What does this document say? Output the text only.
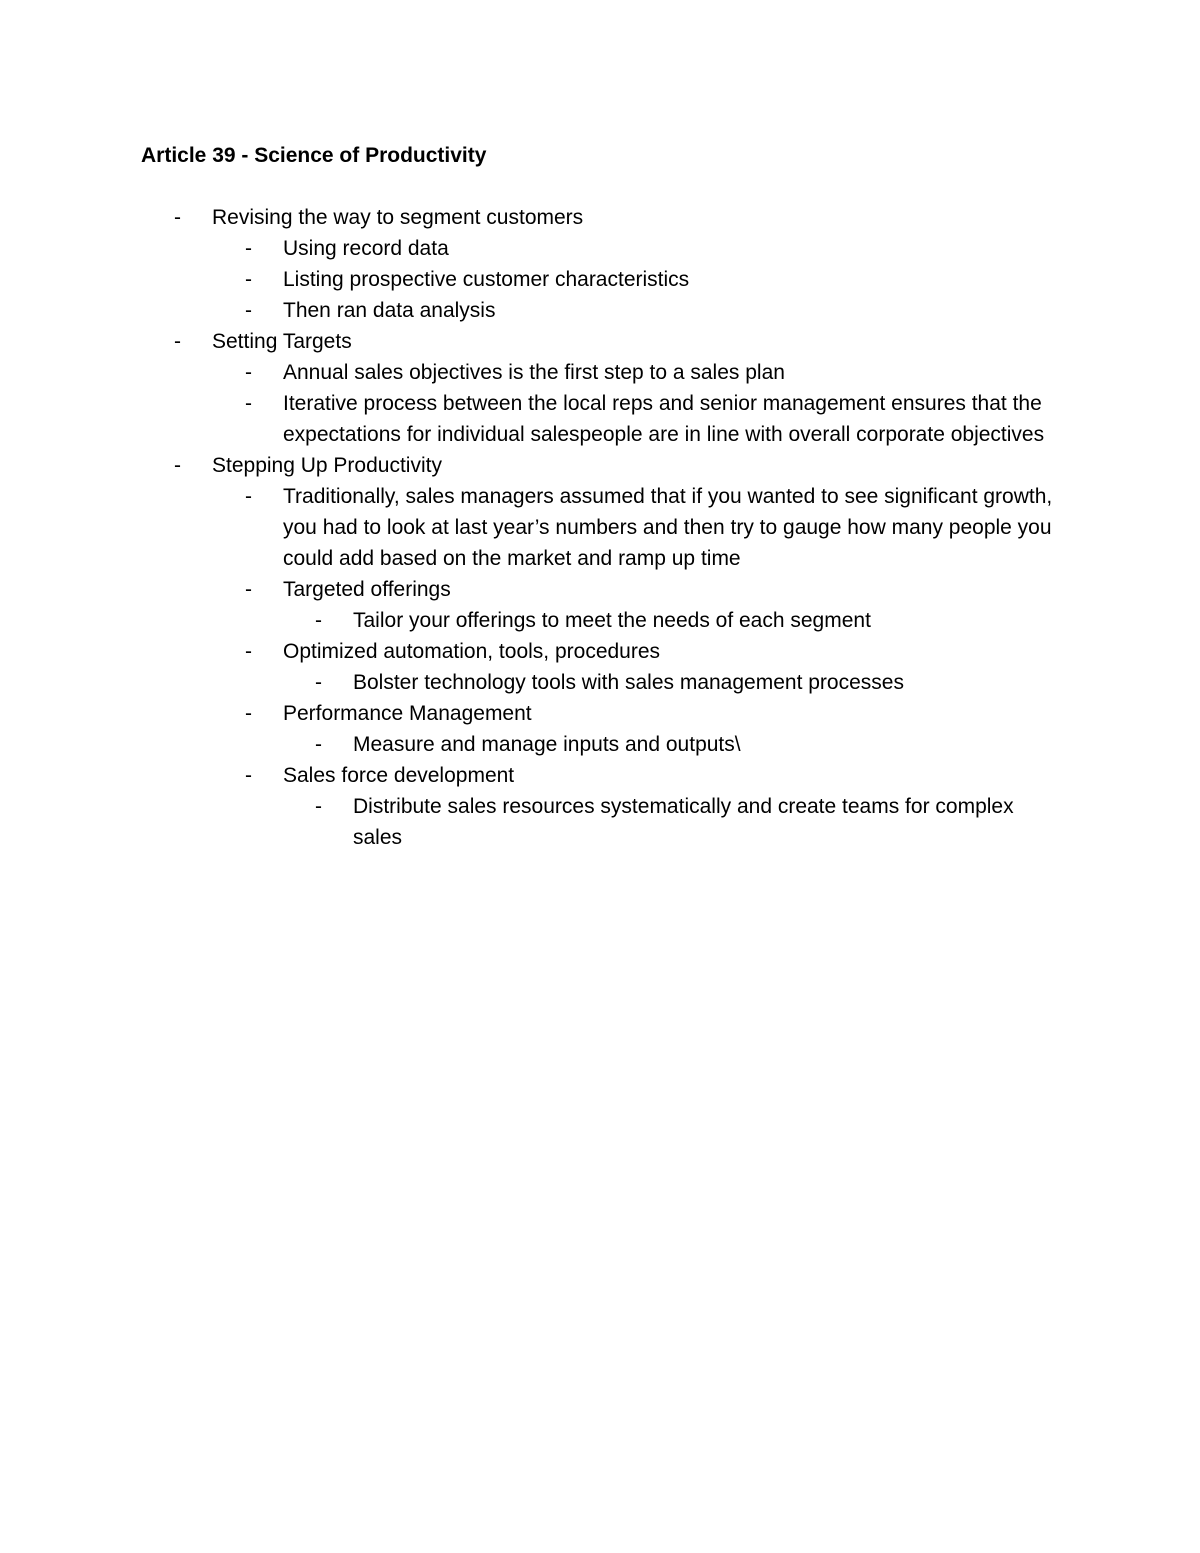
Article 39 - Science of Productivity
- Revising the way to segment customers
- Using record data
- Listing prospective customer characteristics
- Then ran data analysis
- Setting Targets
- Annual sales objectives is the first step to a sales plan
- Iterative process between the local reps and senior management ensures that the expectations for individual salespeople are in line with overall corporate objectives
- Stepping Up Productivity
- Traditionally, sales managers assumed that if you wanted to see significant growth, you had to look at last year’s numbers and then try to gauge how many people you could add based on the market and ramp up time
- Targeted offerings
- Tailor your offerings to meet the needs of each segment
- Optimized automation, tools, procedures
- Bolster technology tools with sales management processes
- Performance Management
- Measure and manage inputs and outputs\
- Sales force development
- Distribute sales resources systematically and create teams for complex sales
